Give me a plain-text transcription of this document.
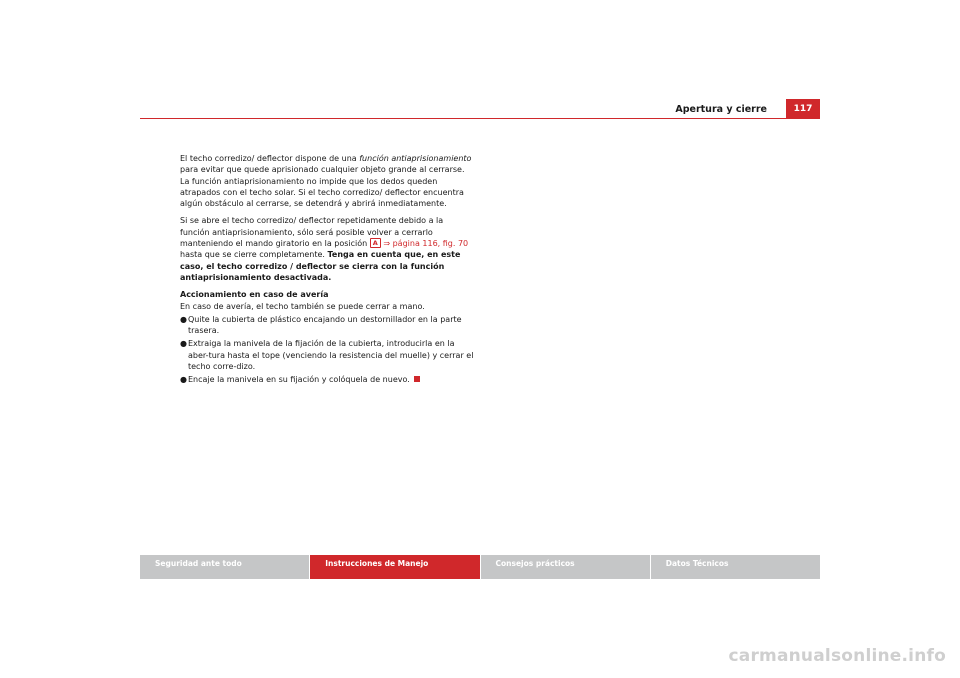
Apertura y cierre	117

El techo corredizo/ deflector dispone de una función antiaprisionamiento para evitar que quede aprisionado cualquier objeto grande al cerrarse. La función antiaprisionamiento no impide que los dedos queden atrapados con el techo solar. Si el techo corredizo/ deflector encuentra algún obstáculo al cerrarse, se detendrá y abrirá inmediatamente.

Si se abre el techo corredizo/ deflector repetidamente debido a la función antiaprisionamiento, sólo será posible volver a cerrarlo manteniendo el mando giratorio en la posición A ⇒ página 116, fig. 70 hasta que se cierre completamente. Tenga en cuenta que, en este caso, el techo corredizo / deflector se cierra con la función antiaprisionamiento desactivada.

Accionamiento en caso de avería

En caso de avería, el techo también se puede cerrar a mano.

● Quite la cubierta de plástico encajando un destornillador en la parte trasera.
● Extraiga la manivela de la fijación de la cubierta, introducirla en la aber-tura hasta el tope (venciendo la resistencia del muelle) y cerrar el techo corre-dizo.
● Encaje la manivela en su fijación y colóquela de nuevo.
Seguridad ante todo	Instrucciones de Manejo	Consejos prácticos	Datos Técnicos
carmanualsonline.info
